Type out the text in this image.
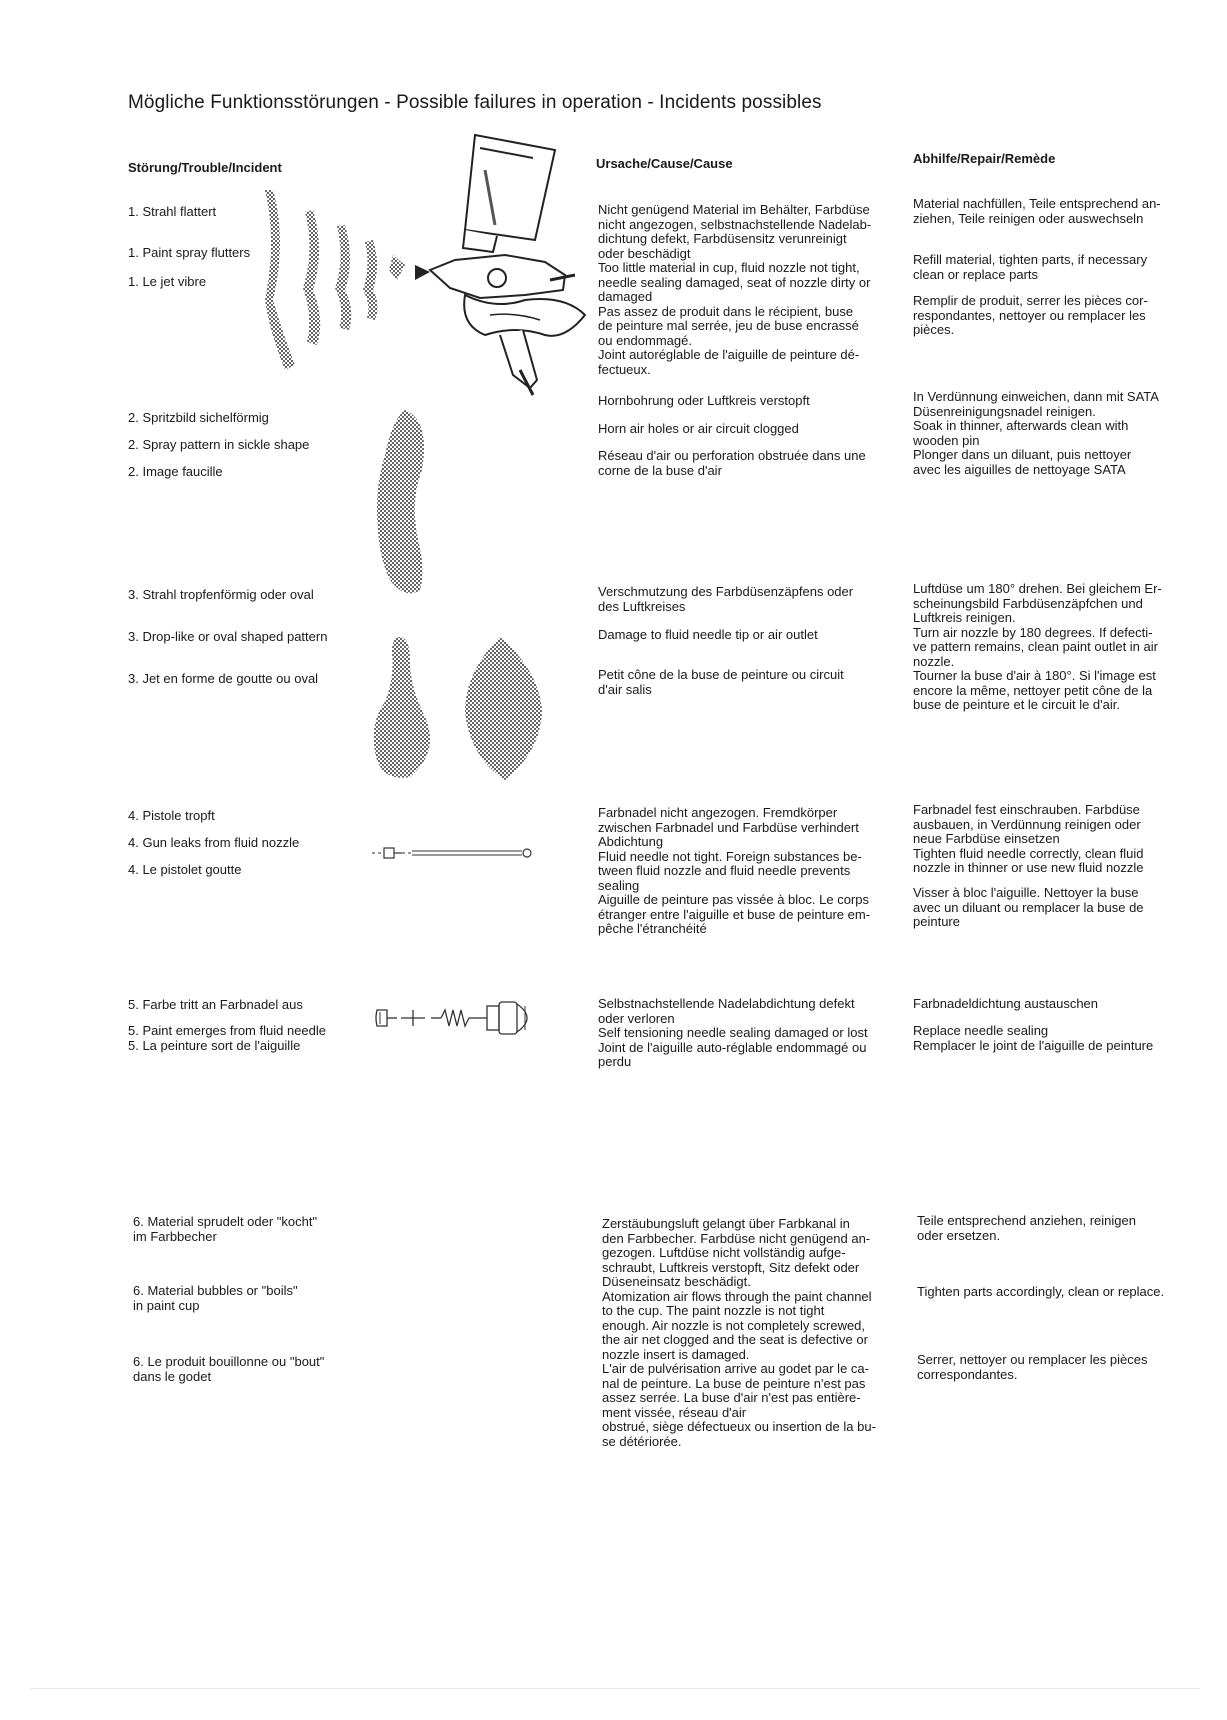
Mögliche Funktionsstörungen - Possible failures in operation - Incidents possibles
Störung/Trouble/Incident	Ursache/Cause/Cause	Abhilfe/Repair/Remède
1. Strahl flattert
1. Paint spray flutters
1. Le jet vibre
Nicht genügend Material im Behälter, Farbdüse
nicht angezogen, selbstnachstellende Nadelab-
dichtung defekt, Farbdüsensitz verunreinigt
oder beschädigt
Too little material in cup, fluid nozzle not tight,
needle sealing damaged, seat of nozzle dirty or
damaged
Pas assez de produit dans le récipient, buse
de peinture mal serrée, jeu de buse encrassé
ou endommagé.
Joint autoréglable de l'aiguille de peinture dé-
fectueux.
Material nachfüllen, Teile entsprechend an-
ziehen, Teile reinigen oder auswechseln
Refill material, tighten parts, if necessary
clean or replace parts
Remplir de produit, serrer les pièces cor-
respondantes, nettoyer ou remplacer les
pièces.
2. Spritzbild sichelförmig
2. Spray pattern in sickle shape
2. Image faucille
Hornbohrung oder Luftkreis verstopft
Horn air holes or air circuit clogged
Réseau d'air ou perforation obstruée dans une
corne de la buse d'air
In Verdünnung einweichen, dann mit SATA
Düsenreinigungsnadel reinigen.
Soak in thinner, afterwards clean with
wooden pin
Plonger dans un diluant, puis nettoyer
avec les aiguilles de nettoyage SATA
3. Strahl tropfenförmig oder oval
3. Drop-like or oval shaped pattern
3. Jet en forme de goutte ou oval
Verschmutzung des Farbdüsenzäpfens oder
des Luftkreises
Damage to fluid needle tip or air outlet
Petit cône de la buse de peinture ou circuit
d'air salis
Luftdüse um 180° drehen. Bei gleichem Er-
scheinungsbild Farbdüsenzäpfchen und
Luftkreis reinigen.
Turn air nozzle by 180 degrees. If defecti-
ve pattern remains, clean paint outlet in air
nozzle.
Tourner la buse d'air à 180°. Si l'image est
encore la même, nettoyer petit cône de la
buse de peinture et le circuit le d'air.
4. Pistole tropft
4. Gun leaks from fluid nozzle
4. Le pistolet goutte
Farbnadel nicht angezogen. Fremdkörper
zwischen Farbnadel und Farbdüse verhindert
Abdichtung
Fluid needle not tight. Foreign substances be-
tween fluid nozzle and fluid needle prevents
sealing
Aiguille de peinture pas vissée à bloc. Le corps
étranger entre l'aiguille et buse de peinture em-
pêche l'étranchéité
Farbnadel fest einschrauben. Farbdüse
ausbauen, in Verdünnung reinigen oder
neue Farbdüse einsetzen
Tighten fluid needle correctly, clean fluid
nozzle in thinner or use new fluid nozzle
Visser à bloc l'aiguille. Nettoyer la buse
avec un diluant ou remplacer la buse de
peinture
5. Farbe tritt an Farbnadel aus
5. Paint emerges from fluid needle
5. La peinture sort de l'aiguille
Selbstnachstellende Nadelabdichtung defekt
oder verloren
Self tensioning needle sealing damaged or lost
Joint de l'aiguille auto-réglable endommagé ou
perdu
Farbnadeldichtung austauschen
Replace needle sealing
Remplacer le joint de l'aiguille de peinture
6. Material sprudelt oder "kocht"
im Farbbecher
6. Material bubbles or "boils"
in paint cup
6. Le produit bouillonne ou "bout"
dans le godet
Zerstäubungsluft gelangt über Farbkanal in
den Farbbecher. Farbdüse nicht genügend an-
gezogen. Luftdüse nicht vollständig aufge-
schraubt, Luftkreis verstopft, Sitz defekt oder
Düseneinsatz beschädigt.
Atomization air flows through the paint channel
to the cup. The paint nozzle is not tight
enough. Air nozzle is not completely screwed,
the air net clogged and the seat is defective or
nozzle insert is damaged.
L'air de pulvérisation arrive au godet par le ca-
nal de peinture. La buse de peinture n'est pas
assez serrée. La buse d'air n'est pas entière-
ment vissée, réseau d'air
obstrué, siège défectueux ou insertion de la bu-
se détériorée.
Teile entsprechend anziehen, reinigen
oder ersetzen.
Tighten parts accordingly, clean or replace.
Serrer, nettoyer ou remplacer les pièces
correspondantes.
